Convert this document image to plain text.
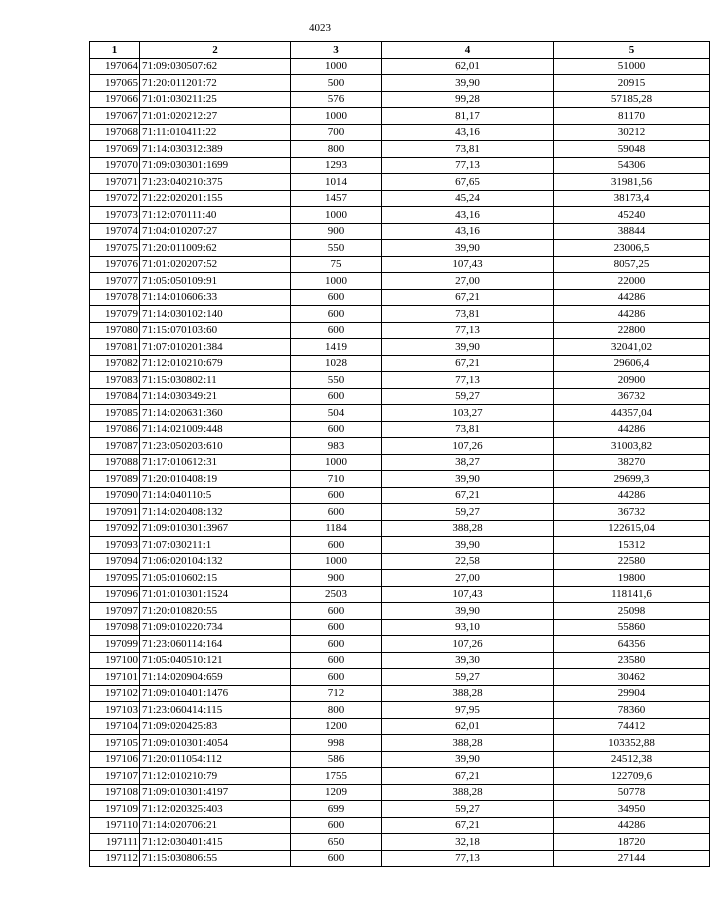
4023
1	2	3	4	5
197064	71:09:030507:62	1000	62,01	51000
197065	71:20:011201:72	500	39,90	20915
197066	71:01:030211:25	576	99,28	57185,28
197067	71:01:020212:27	1000	81,17	81170
197068	71:11:010411:22	700	43,16	30212
197069	71:14:030312:389	800	73,81	59048
197070	71:09:030301:1699	1293	77,13	54306
197071	71:23:040210:375	1014	67,65	31981,56
197072	71:22:020201:155	1457	45,24	38173,4
197073	71:12:070111:40	1000	43,16	45240
197074	71:04:010207:27	900	43,16	38844
197075	71:20:011009:62	550	39,90	23006,5
197076	71:01:020207:52	75	107,43	8057,25
197077	71:05:050109:91	1000	27,00	22000
197078	71:14:010606:33	600	67,21	44286
197079	71:14:030102:140	600	73,81	44286
197080	71:15:070103:60	600	77,13	22800
197081	71:07:010201:384	1419	39,90	32041,02
197082	71:12:010210:679	1028	67,21	29606,4
197083	71:15:030802:11	550	77,13	20900
197084	71:14:030349:21	600	59,27	36732
197085	71:14:020631:360	504	103,27	44357,04
197086	71:14:021009:448	600	73,81	44286
197087	71:23:050203:610	983	107,26	31003,82
197088	71:17:010612:31	1000	38,27	38270
197089	71:20:010408:19	710	39,90	29699,3
197090	71:14:040110:5	600	67,21	44286
197091	71:14:020408:132	600	59,27	36732
197092	71:09:010301:3967	1184	388,28	122615,04
197093	71:07:030211:1	600	39,90	15312
197094	71:06:020104:132	1000	22,58	22580
197095	71:05:010602:15	900	27,00	19800
197096	71:01:010301:1524	2503	107,43	118141,6
197097	71:20:010820:55	600	39,90	25098
197098	71:09:010220:734	600	93,10	55860
197099	71:23:060114:164	600	107,26	64356
197100	71:05:040510:121	600	39,30	23580
197101	71:14:020904:659	600	59,27	30462
197102	71:09:010401:1476	712	388,28	29904
197103	71:23:060414:115	800	97,95	78360
197104	71:09:020425:83	1200	62,01	74412
197105	71:09:010301:4054	998	388,28	103352,88
197106	71:20:011054:112	586	39,90	24512,38
197107	71:12:010210:79	1755	67,21	122709,6
197108	71:09:010301:4197	1209	388,28	50778
197109	71:12:020325:403	699	59,27	34950
197110	71:14:020706:21	600	67,21	44286
197111	71:12:030401:415	650	32,18	18720
197112	71:15:030806:55	600	77,13	27144
